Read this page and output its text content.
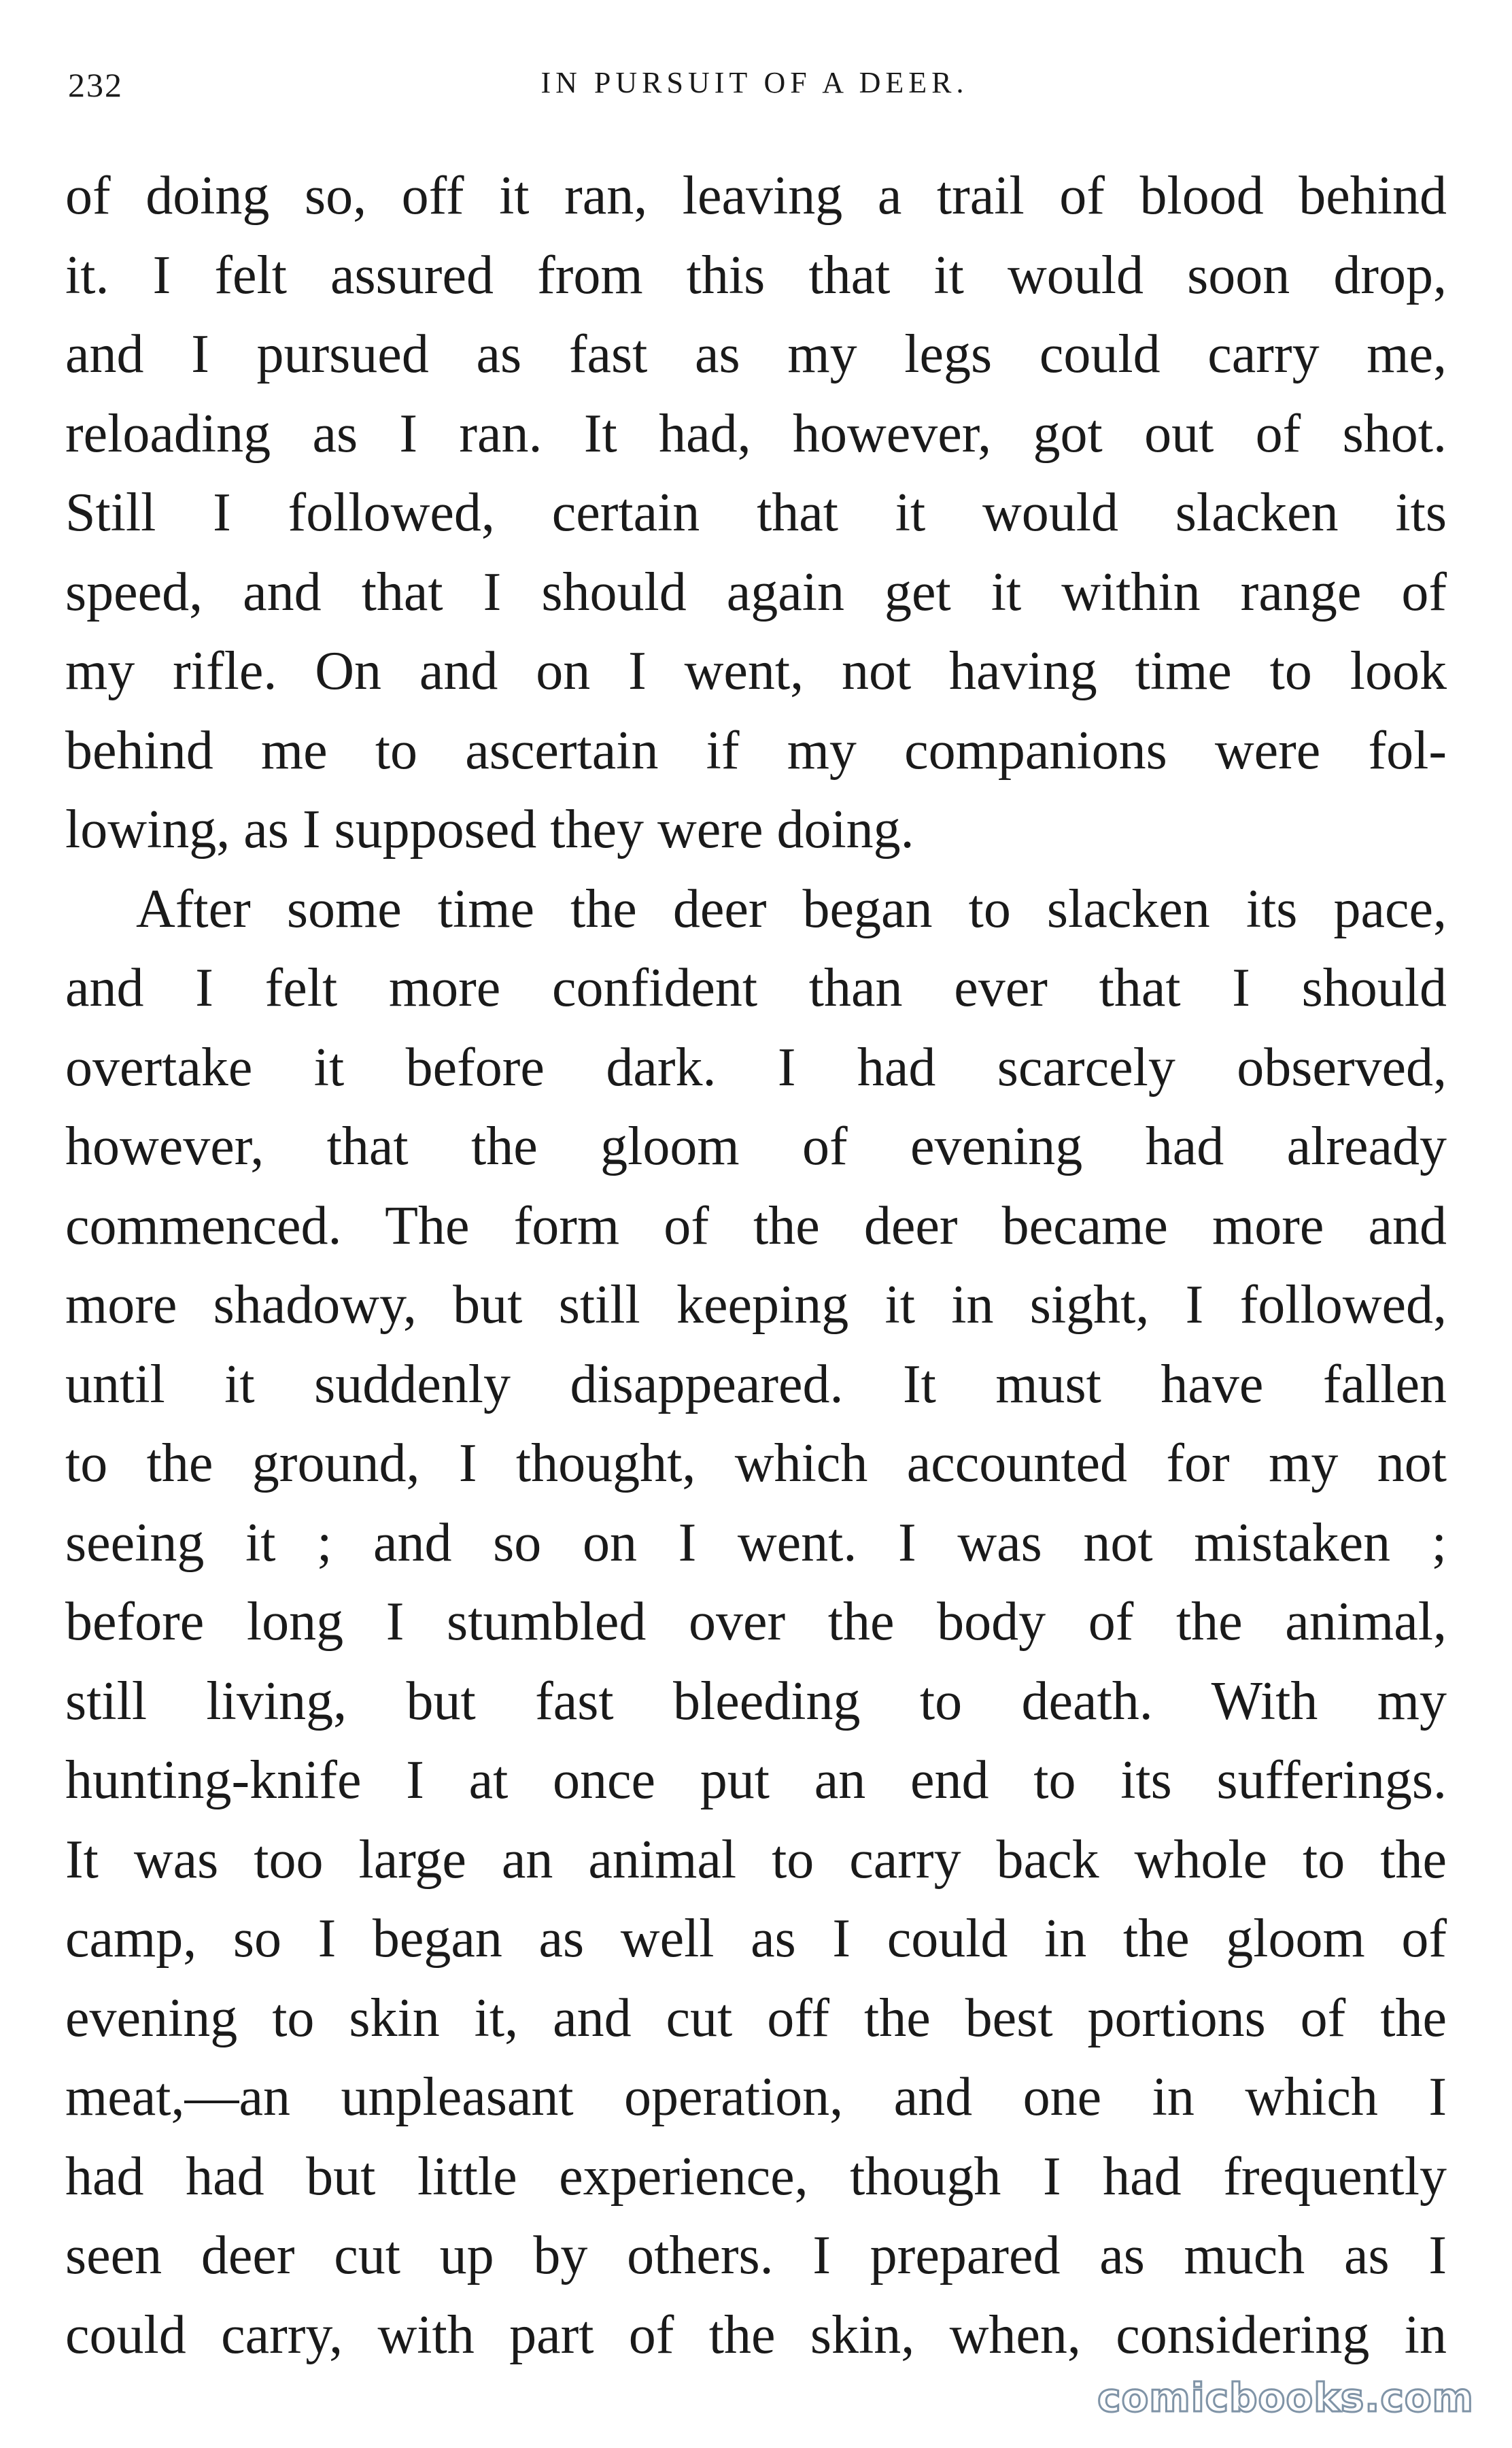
232	IN PURSUIT OF A DEER.

of doing so, off it ran, leaving a trail of blood behind
it. I felt assured from this that it would soon drop,
and I pursued as fast as my legs could carry me,
reloading as I ran. It had, however, got out of shot.
Still I followed, certain that it would slacken its
speed, and that I should again get it within range of
my rifle. On and on I went, not having time to look
behind me to ascertain if my companions were fol-
lowing, as I supposed they were doing.

After some time the deer began to slacken its pace,
and I felt more confident than ever that I should
overtake it before dark. I had scarcely observed,
however, that the gloom of evening had already
commenced. The form of the deer became more and
more shadowy, but still keeping it in sight, I followed,
until it suddenly disappeared. It must have fallen
to the ground, I thought, which accounted for my not
seeing it ; and so on I went. I was not mistaken ;
before long I stumbled over the body of the animal,
still living, but fast bleeding to death. With my
hunting-knife I at once put an end to its sufferings.
It was too large an animal to carry back whole to the
camp, so I began as well as I could in the gloom of
evening to skin it, and cut off the best portions of the
meat,—an unpleasant operation, and one in which I
had had but little experience, though I had frequently
seen deer cut up by others. I prepared as much as I
could carry, with part of the skin, when, considering in

comicbooks.com
